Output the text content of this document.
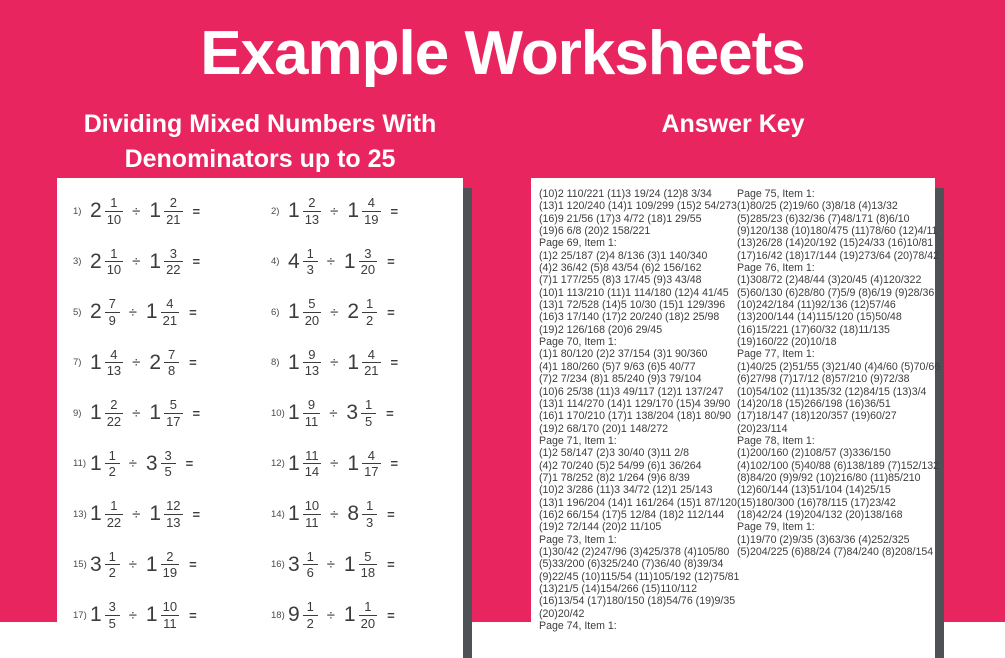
Example Worksheets
Dividing Mixed Numbers With
Denominators up to 25
Answer Key
1) $2 \frac{1}{10} \div 1 \frac{2}{21}$ =	2) $1 \frac{2}{13} \div 1 \frac{4}{19}$ =
3) $2 \frac{1}{10} \div 1 \frac{3}{22}$ =	4) $4 \frac{1}{3} \div 1 \frac{3}{20}$ =
5) $2 \frac{7}{9} \div 1 \frac{4}{21}$ =	6) $1 \frac{5}{20} \div 2 \frac{1}{2}$ =
7) $1 \frac{4}{13} \div 2 \frac{7}{8}$ =	8) $1 \frac{9}{13} \div 1 \frac{4}{21}$ =
9) $1 \frac{2}{22} \div 1 \frac{5}{17}$ =	10) $1 \frac{9}{11} \div 3 \frac{1}{5}$ =
11) $1 \frac{1}{2} \div 3 \frac{3}{5}$ =	12) $1 \frac{11}{14} \div 1 \frac{4}{17}$ =
13) $1 \frac{1}{22} \div 1 \frac{12}{13}$ =	14) $1 \frac{10}{11} \div 8 \frac{1}{3}$ =
15) $3 \frac{1}{2} \div 1 \frac{2}{19}$ =	16) $3 \frac{1}{6} \div 1 \frac{5}{18}$ =
17) $1 \frac{3}{5} \div 1 \frac{10}{11}$ =	18) $9 \frac{1}{2} \div 1 \frac{1}{20}$ =
(10)2 110/221 (11)3 19/24 (12)8 3/34
(13)1 120/240 (14)1 109/299 (15)2 54/273
(16)9 21/56 (17)3 4/72 (18)1 29/55
(19)6 6/8 (20)2 158/221
Page 69, Item 1:
(1)2 25/187 (2)4 8/136 (3)1 140/340
(4)2 36/42 (5)8 43/54 (6)2 156/162
(7)1 177/255 (8)3 17/45 (9)3 43/48
(10)1 113/210 (11)1 114/180 (12)4 41/45
(13)1 72/528 (14)5 10/30 (15)1 129/396
(16)3 17/140 (17)2 20/240 (18)2 25/98
(19)2 126/168 (20)6 29/45
Page 70, Item 1:
(1)1 80/120 (2)2 37/154 (3)1 90/360
(4)1 180/260 (5)7 9/63 (6)5 40/77
(7)2 7/234 (8)1 85/240 (9)3 79/104
(10)6 25/38 (11)3 49/117 (12)1 137/247
(13)1 114/270 (14)1 129/170 (15)4 39/90
(16)1 170/210 (17)1 138/204 (18)1 80/90
(19)2 68/170 (20)1 148/272
Page 71, Item 1:
(1)2 58/147 (2)3 30/40 (3)11 2/8
(4)2 70/240 (5)2 54/99 (6)1 36/264
(7)1 78/252 (8)2 1/264 (9)6 8/39
(10)2 3/286 (11)3 34/72 (12)1 25/143
(13)1 196/204 (14)1 161/264 (15)1 87/120
(16)2 66/154 (17)5 12/84 (18)2 112/144
(19)2 72/144 (20)2 11/105
Page 73, Item 1:
(1)30/42 (2)247/96 (3)425/378 (4)105/80
(5)33/200 (6)325/240 (7)36/40 (8)39/34
(9)22/45 (10)115/54 (11)105/192 (12)75/81
(13)21/5 (14)154/266 (15)110/112
(16)13/54 (17)180/150 (18)54/76 (19)9/35
(20)20/42
Page 74, Item 1:
Page 75, Item 1:
(1)80/25 (2)19/60 (3)8/18 (4)13/32
(5)285/23 (6)32/36 (7)48/171 (8)6/10
(9)120/138 (10)180/475 (11)78/60 (12)4/11
(13)26/28 (14)20/192 (15)24/33 (16)10/81
(17)16/42 (18)17/144 (19)273/64 (20)78/42
Page 76, Item 1:
(1)308/72 (2)48/44 (3)20/45 (4)120/322
(5)60/130 (6)28/80 (7)5/9 (8)6/19 (9)28/36
(10)242/184 (11)92/136 (12)57/46
(13)200/144 (14)115/120 (15)50/48
(16)15/221 (17)60/32 (18)11/135
(19)160/22 (20)10/18
Page 77, Item 1:
(1)40/25 (2)51/55 (3)21/40 (4)4/60 (5)70/66
(6)27/98 (7)17/12 (8)57/210 (9)72/38
(10)54/102 (11)135/32 (12)84/15 (13)3/4
(14)20/18 (15)266/198 (16)36/51
(17)18/147 (18)120/357 (19)60/27
(20)23/114
Page 78, Item 1:
(1)200/160 (2)108/57 (3)336/150
(4)102/100 (5)40/88 (6)138/189 (7)152/132
(8)84/20 (9)9/92 (10)216/80 (11)85/210
(12)60/144 (13)51/104 (14)25/15
(15)180/300 (16)78/115 (17)23/42
(18)42/24 (19)204/132 (20)138/168
Page 79, Item 1:
(1)19/70 (2)9/35 (3)63/36 (4)252/325
(5)204/225 (6)88/24 (7)84/240 (8)208/154
